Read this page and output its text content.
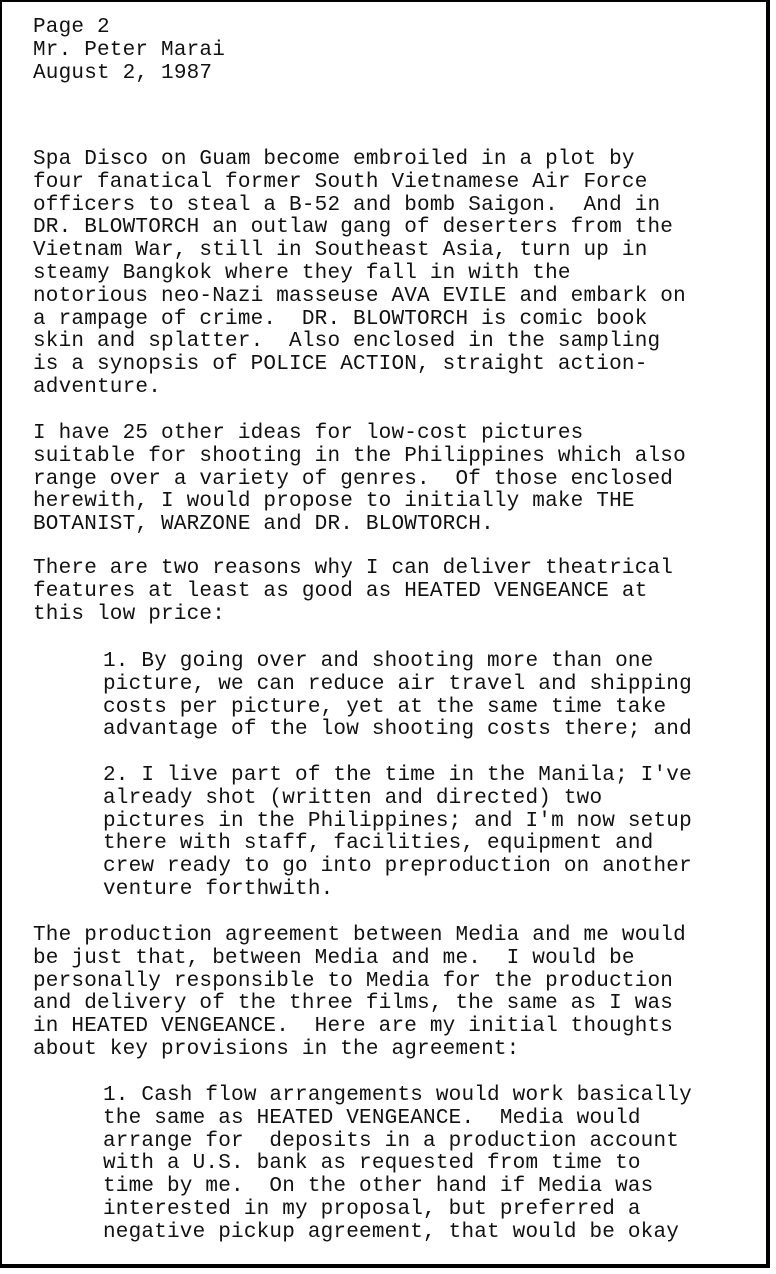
Page 2
Mr. Peter Marai
August 2, 1987
Spa Disco on Guam become embroiled in a plot by
four fanatical former South Vietnamese Air Force
officers to steal a B-52 and bomb Saigon.  And in
DR. BLOWTORCH an outlaw gang of deserters from the
Vietnam War, still in Southeast Asia, turn up in
steamy Bangkok where they fall in with the
notorious neo-Nazi masseuse AVA EVILE and embark on
a rampage of crime.  DR. BLOWTORCH is comic book
skin and splatter.  Also enclosed in the sampling
is a synopsis of POLICE ACTION, straight action-
adventure.
I have 25 other ideas for low-cost pictures
suitable for shooting in the Philippines which also
range over a variety of genres.  Of those enclosed
herewith, I would propose to initially make THE
BOTANIST, WARZONE and DR. BLOWTORCH.
There are two reasons why I can deliver theatrical
features at least as good as HEATED VENGEANCE at
this low price:
1. By going over and shooting more than one
picture, we can reduce air travel and shipping
costs per picture, yet at the same time take
advantage of the low shooting costs there; and
2. I live part of the time in the Manila; I've
already shot (written and directed) two
pictures in the Philippines; and I'm now setup
there with staff, facilities, equipment and
crew ready to go into preproduction on another
venture forthwith.
The production agreement between Media and me would
be just that, between Media and me.  I would be
personally responsible to Media for the production
and delivery of the three films, the same as I was
in HEATED VENGEANCE.  Here are my initial thoughts
about key provisions in the agreement:
1. Cash flow arrangements would work basically
the same as HEATED VENGEANCE.  Media would
arrange for  deposits in a production account
with a U.S. bank as requested from time to
time by me.  On the other hand if Media was
interested in my proposal, but preferred a
negative pickup agreement, that would be okay
